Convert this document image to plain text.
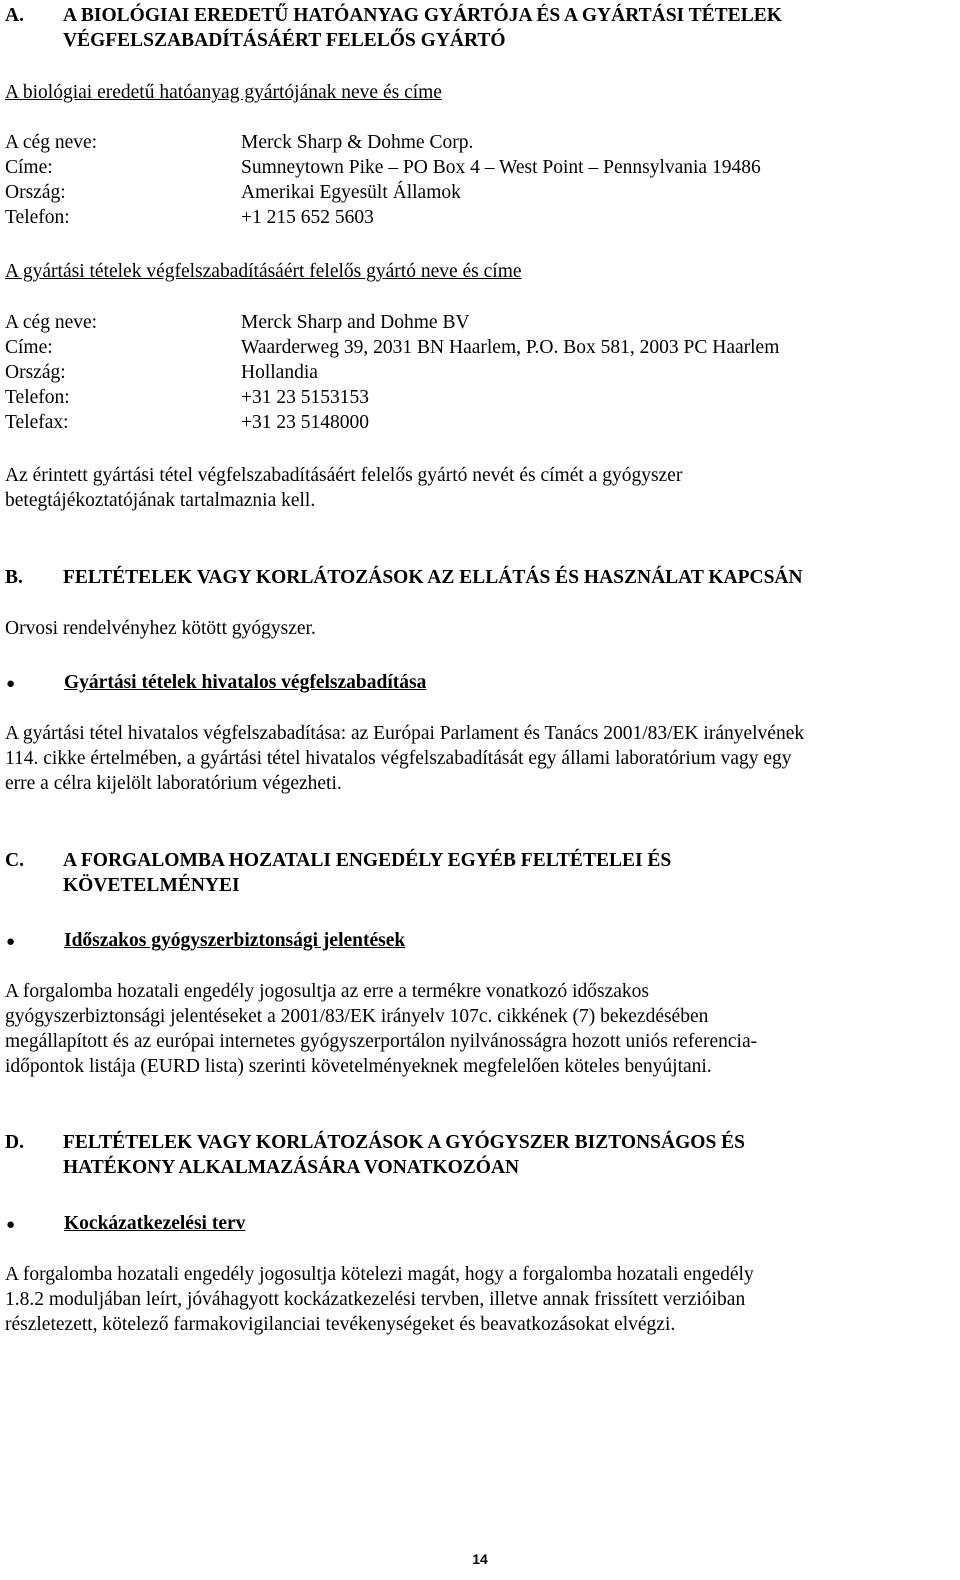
A.	A BIOLÓGIAI EREDETŰ HATÓANYAG GYÁRTÓJA ÉS A GYÁRTÁSI TÉTELEK
VÉGFELSZABADÍTÁSÁÉRT FELELŐS GYÁRTÓ
A biológiai eredetű hatóanyag gyártójának neve és címe
A cég neve:	Merck Sharp & Dohme Corp.
Címe:	Sumneytown Pike – PO Box 4 – West Point – Pennsylvania 19486
Ország:	Amerikai Egyesült Államok
Telefon:	+1 215 652 5603
A gyártási tételek végfelszabadításáért felelős gyártó neve és címe
A cég neve:	Merck Sharp and Dohme BV
Címe:	Waarderweg 39, 2031 BN Haarlem, P.O. Box 581, 2003 PC Haarlem
Ország:	Hollandia
Telefon:	+31 23 5153153
Telefax:	+31 23 5148000
Az érintett gyártási tétel végfelszabadításáért felelős gyártó nevét és címét a gyógyszer
betegtájékoztatójának tartalmaznia kell.
B.	FELTÉTELEK VAGY KORLÁTOZÁSOK AZ ELLÁTÁS ÉS HASZNÁLAT KAPCSÁN
Orvosi rendelvényhez kötött gyógyszer.
●	Gyártási tételek hivatalos végfelszabadítása
A gyártási tétel hivatalos végfelszabadítása: az Európai Parlament és Tanács 2001/83/EK irányelvének
114. cikke értelmében, a gyártási tétel hivatalos végfelszabadítását egy állami laboratórium vagy egy
erre a célra kijelölt laboratórium végezheti.
C.	A FORGALOMBA HOZATALI ENGEDÉLY EGYÉB FELTÉTELEI ÉS
KÖVETELMÉNYEI
●	Időszakos gyógyszerbiztonsági jelentések
A forgalomba hozatali engedély jogosultja az erre a termékre vonatkozó időszakos
gyógyszerbiztonsági jelentéseket a 2001/83/EK irányelv 107c. cikkének (7) bekezdésében
megállapított és az európai internetes gyógyszerportálon nyilvánosságra hozott uniós referencia-
időpontok listája (EURD lista) szerinti követelményeknek megfelelően köteles benyújtani.
D.	FELTÉTELEK VAGY KORLÁTOZÁSOK A GYÓGYSZER BIZTONSÁGOS ÉS
HATÉKONY ALKALMAZÁSÁRA VONATKOZÓAN
●	Kockázatkezelési terv
A forgalomba hozatali engedély jogosultja kötelezi magát, hogy a forgalomba hozatali engedély
1.8.2 moduljában leírt, jóváhagyott kockázatkezelési tervben, illetve annak frissített verzióiban
részletezett, kötelező farmakovigilanciai tevékenységeket és beavatkozásokat elvégzi.
14
